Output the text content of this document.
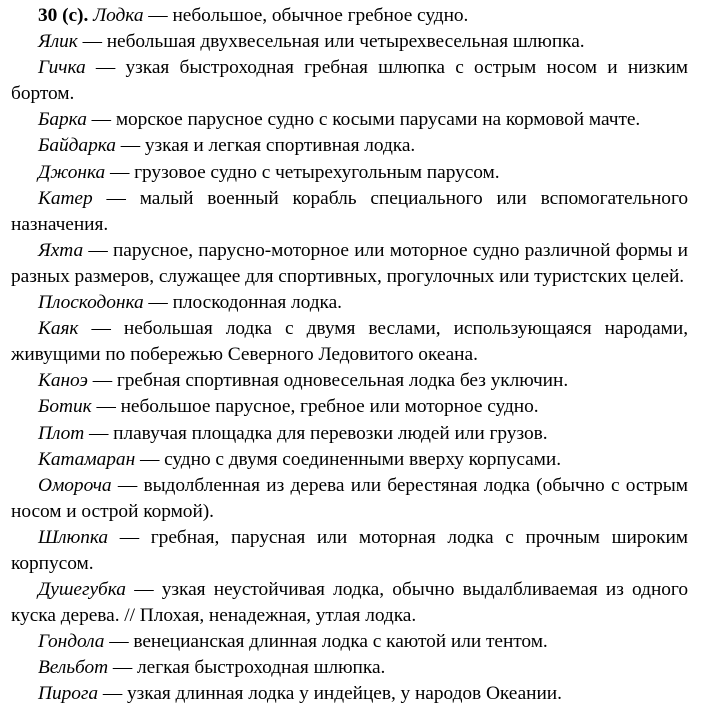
30 (с). Лодка — небольшое, обычное гребное судно.

Ялик — небольшая двухвесельная или четырехвесельная шлюпка.

Гичка — узкая быстроходная гребная шлюпка с острым носом и низким бортом.

Барка — морское парусное судно с косыми парусами на кормовой мачте.

Байдарка — узкая и легкая спортивная лодка.

Джонка — грузовое судно с четырехугольным парусом.

Катер — малый военный корабль специального или вспомогательного назначения.

Яхта — парусное, парусно-моторное или моторное судно различной формы и разных размеров, служащее для спортивных, прогулочных или туристских целей.

Плоскодонка — плоскодонная лодка.

Каяк — небольшая лодка с двумя веслами, использующаяся народами, живущими по побережью Северного Ледовитого океана.

Каноэ — гребная спортивная одновесельная лодка без уключин.

Ботик — небольшое парусное, гребное или моторное судно.

Плот — плавучая площадка для перевозки людей или грузов.

Катамаран — судно с двумя соединенными вверху корпусами.

Оморочa — выдолбленная из дерева или берестяная лодка (обычно с острым носом и острой кормой).

Шлюпка — гребная, парусная или моторная лодка с прочным широким корпусом.

Душегубка — узкая неустойчивая лодка, обычно выдалбливаемая из одного куска дерева. // Плохая, ненадежная, утлая лодка.

Гондола — венецианская длинная лодка с каютой или тентом.

Вельбот — легкая быстроходная шлюпка.

Пирога — узкая длинная лодка у индейцев, у народов Океании.
